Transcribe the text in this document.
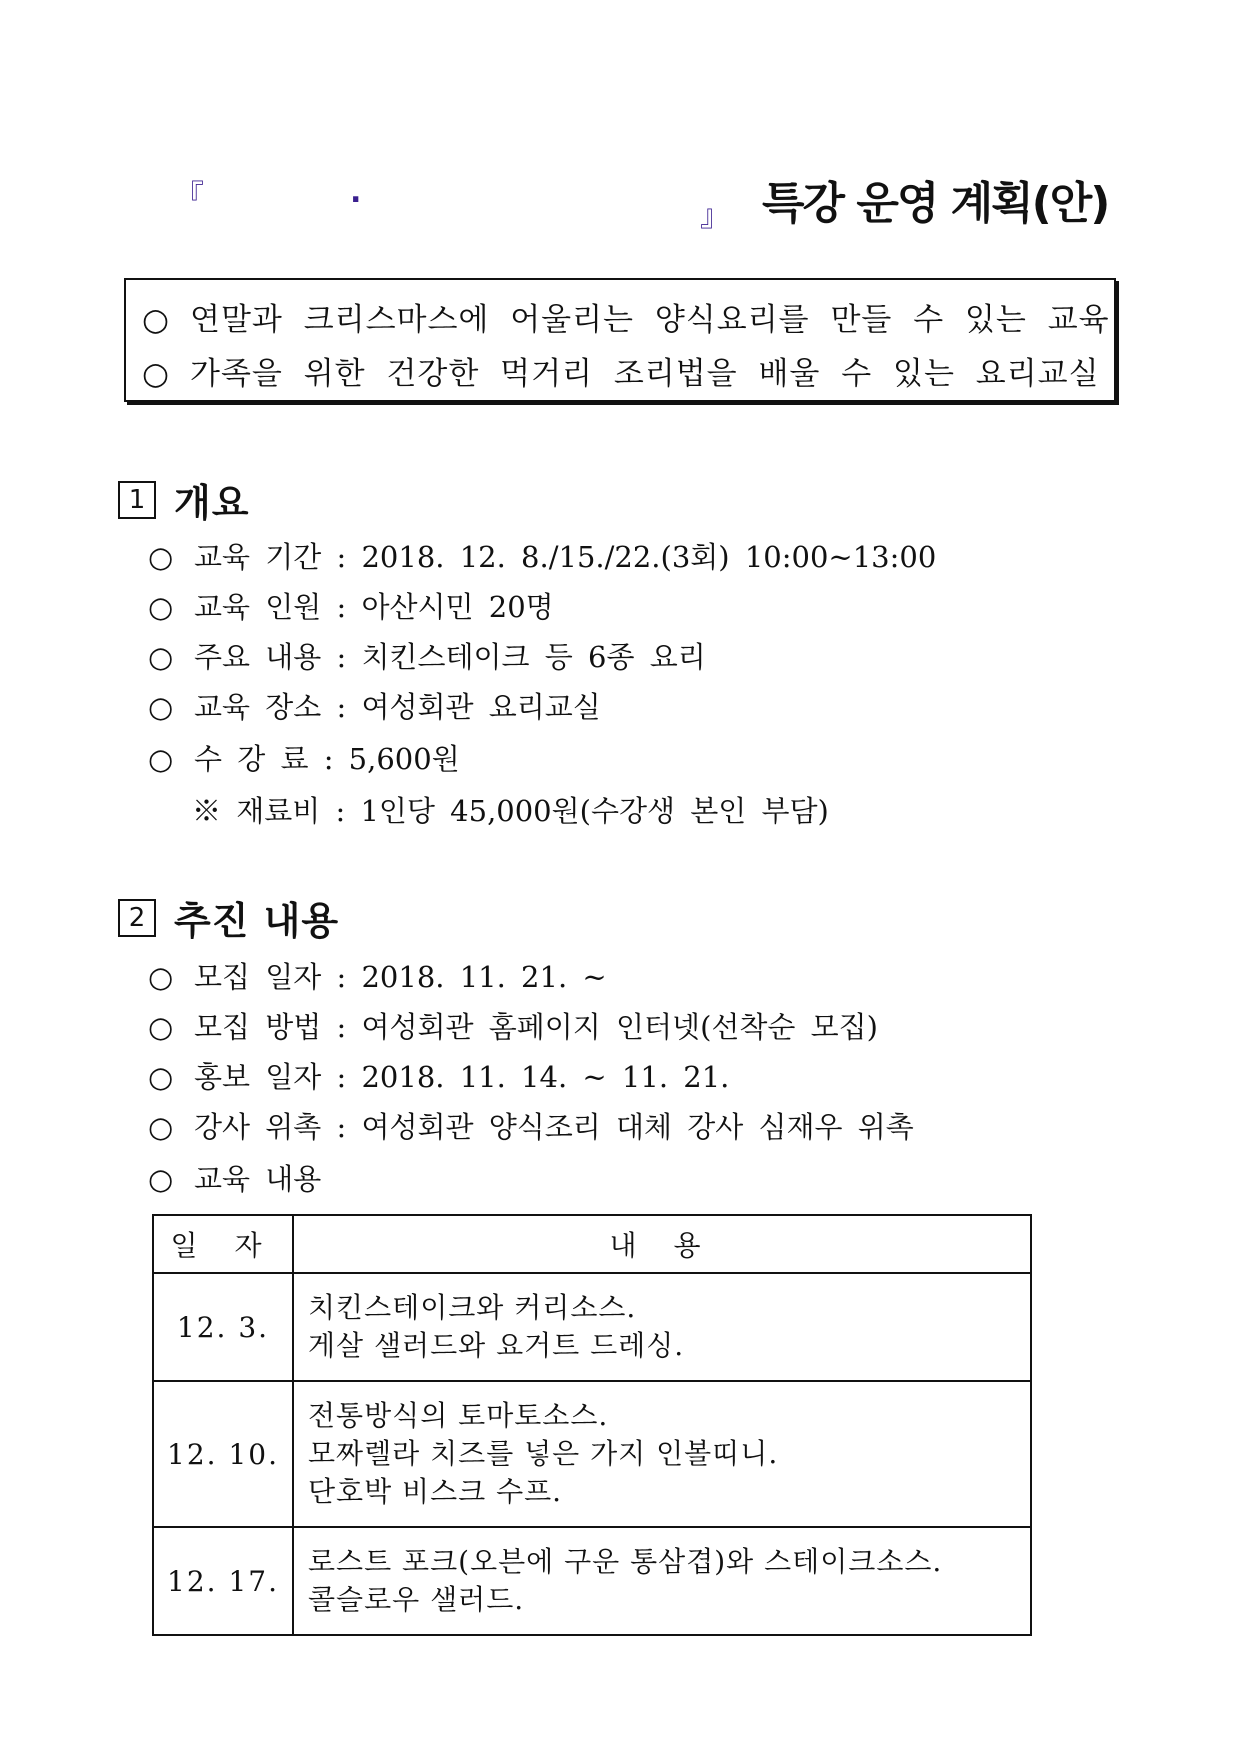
『	.
』 특강 운영 계획(안)
○ 연말과 크리스마스에 어울리는 양식요리를 만들 수 있는 교육
○ 가족을 위한 건강한 먹거리 조리법을 배울 수 있는 요리교실
1 개요
○ 교육 기간 : 2018. 12. 8./15./22.(3회) 10:00~13:00
○ 교육 인원 : 아산시민 20명
○ 주요 내용 : 치킨스테이크 등 6종 요리
○ 교육 장소 : 여성회관 요리교실
○ 수 강 료 : 5,600원
※ 재료비 : 1인당 45,000원(수강생 본인 부담)
2 추진 내용
○ 모집 일자 : 2018. 11. 21. ~
○ 모집 방법 : 여성회관 홈페이지 인터넷(선착순 모집)
○ 홍보 일자 : 2018. 11. 14. ~ 11. 21.
○ 강사 위촉 : 여성회관 양식조리 대체 강사 심재우 위촉
○ 교육 내용
일 자	내 용
12. 3.	치킨스테이크와 커리소스.
게살 샐러드와 요거트 드레싱.

12. 10.	전통방식의 토마토소스.
모짜렐라 치즈를 넣은 가지 인볼띠니.
단호박 비스크 수프.

12. 17.	로스트 포크(오븐에 구운 통삼겹)와 스테이크소스.
콜슬로우 샐러드.
